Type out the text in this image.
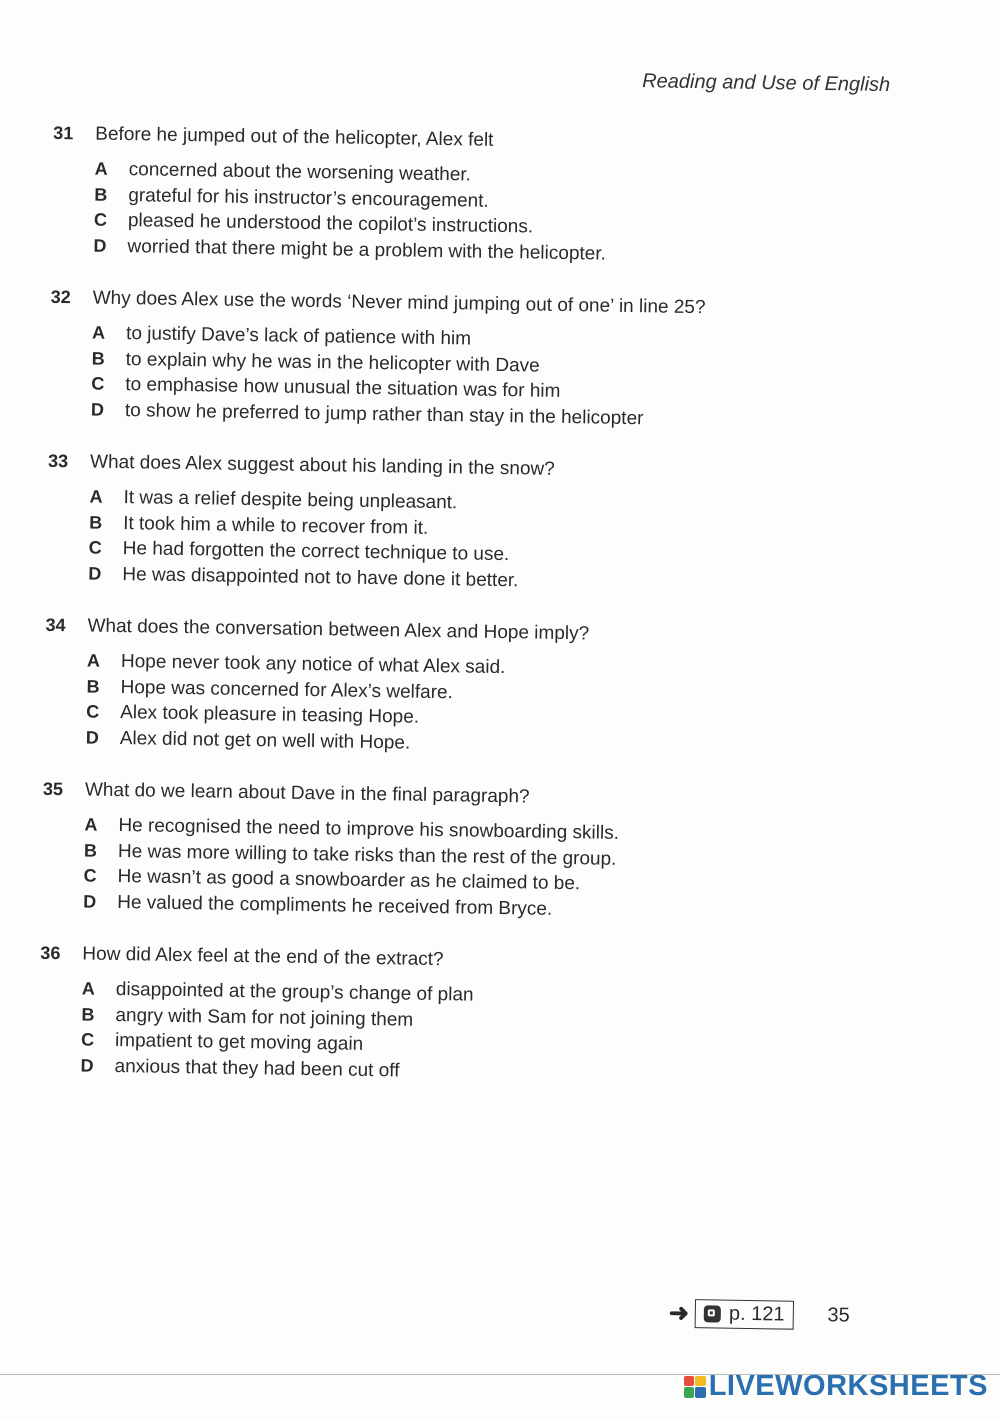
Reading and Use of English
31	Before he jumped out of the helicopter, Alex felt
A	concerned about the worsening weather.
B	grateful for his instructor’s encouragement.
C	pleased he understood the copilot’s instructions.
D	worried that there might be a problem with the helicopter.
32	Why does Alex use the words ‘Never mind jumping out of one’ in line 25?
A	to justify Dave’s lack of patience with him
B	to explain why he was in the helicopter with Dave
C	to emphasise how unusual the situation was for him
D	to show he preferred to jump rather than stay in the helicopter
33	What does Alex suggest about his landing in the snow?
A	It was a relief despite being unpleasant.
B	It took him a while to recover from it.
C	He had forgotten the correct technique to use.
D	He was disappointed not to have done it better.
34	What does the conversation between Alex and Hope imply?
A	Hope never took any notice of what Alex said.
B	Hope was concerned for Alex’s welfare.
C	Alex took pleasure in teasing Hope.
D	Alex did not get on well with Hope.
35	What do we learn about Dave in the final paragraph?
A	He recognised the need to improve his snowboarding skills.
B	He was more willing to take risks than the rest of the group.
C	He wasn’t as good a snowboarder as he claimed to be.
D	He valued the compliments he received from Bryce.
36	How did Alex feel at the end of the extract?
A	disappointed at the group’s change of plan
B	angry with Sam for not joining them
C	impatient to get moving again
D	anxious that they had been cut off
➜ p. 121 35
LIVEWORKSHEETS
